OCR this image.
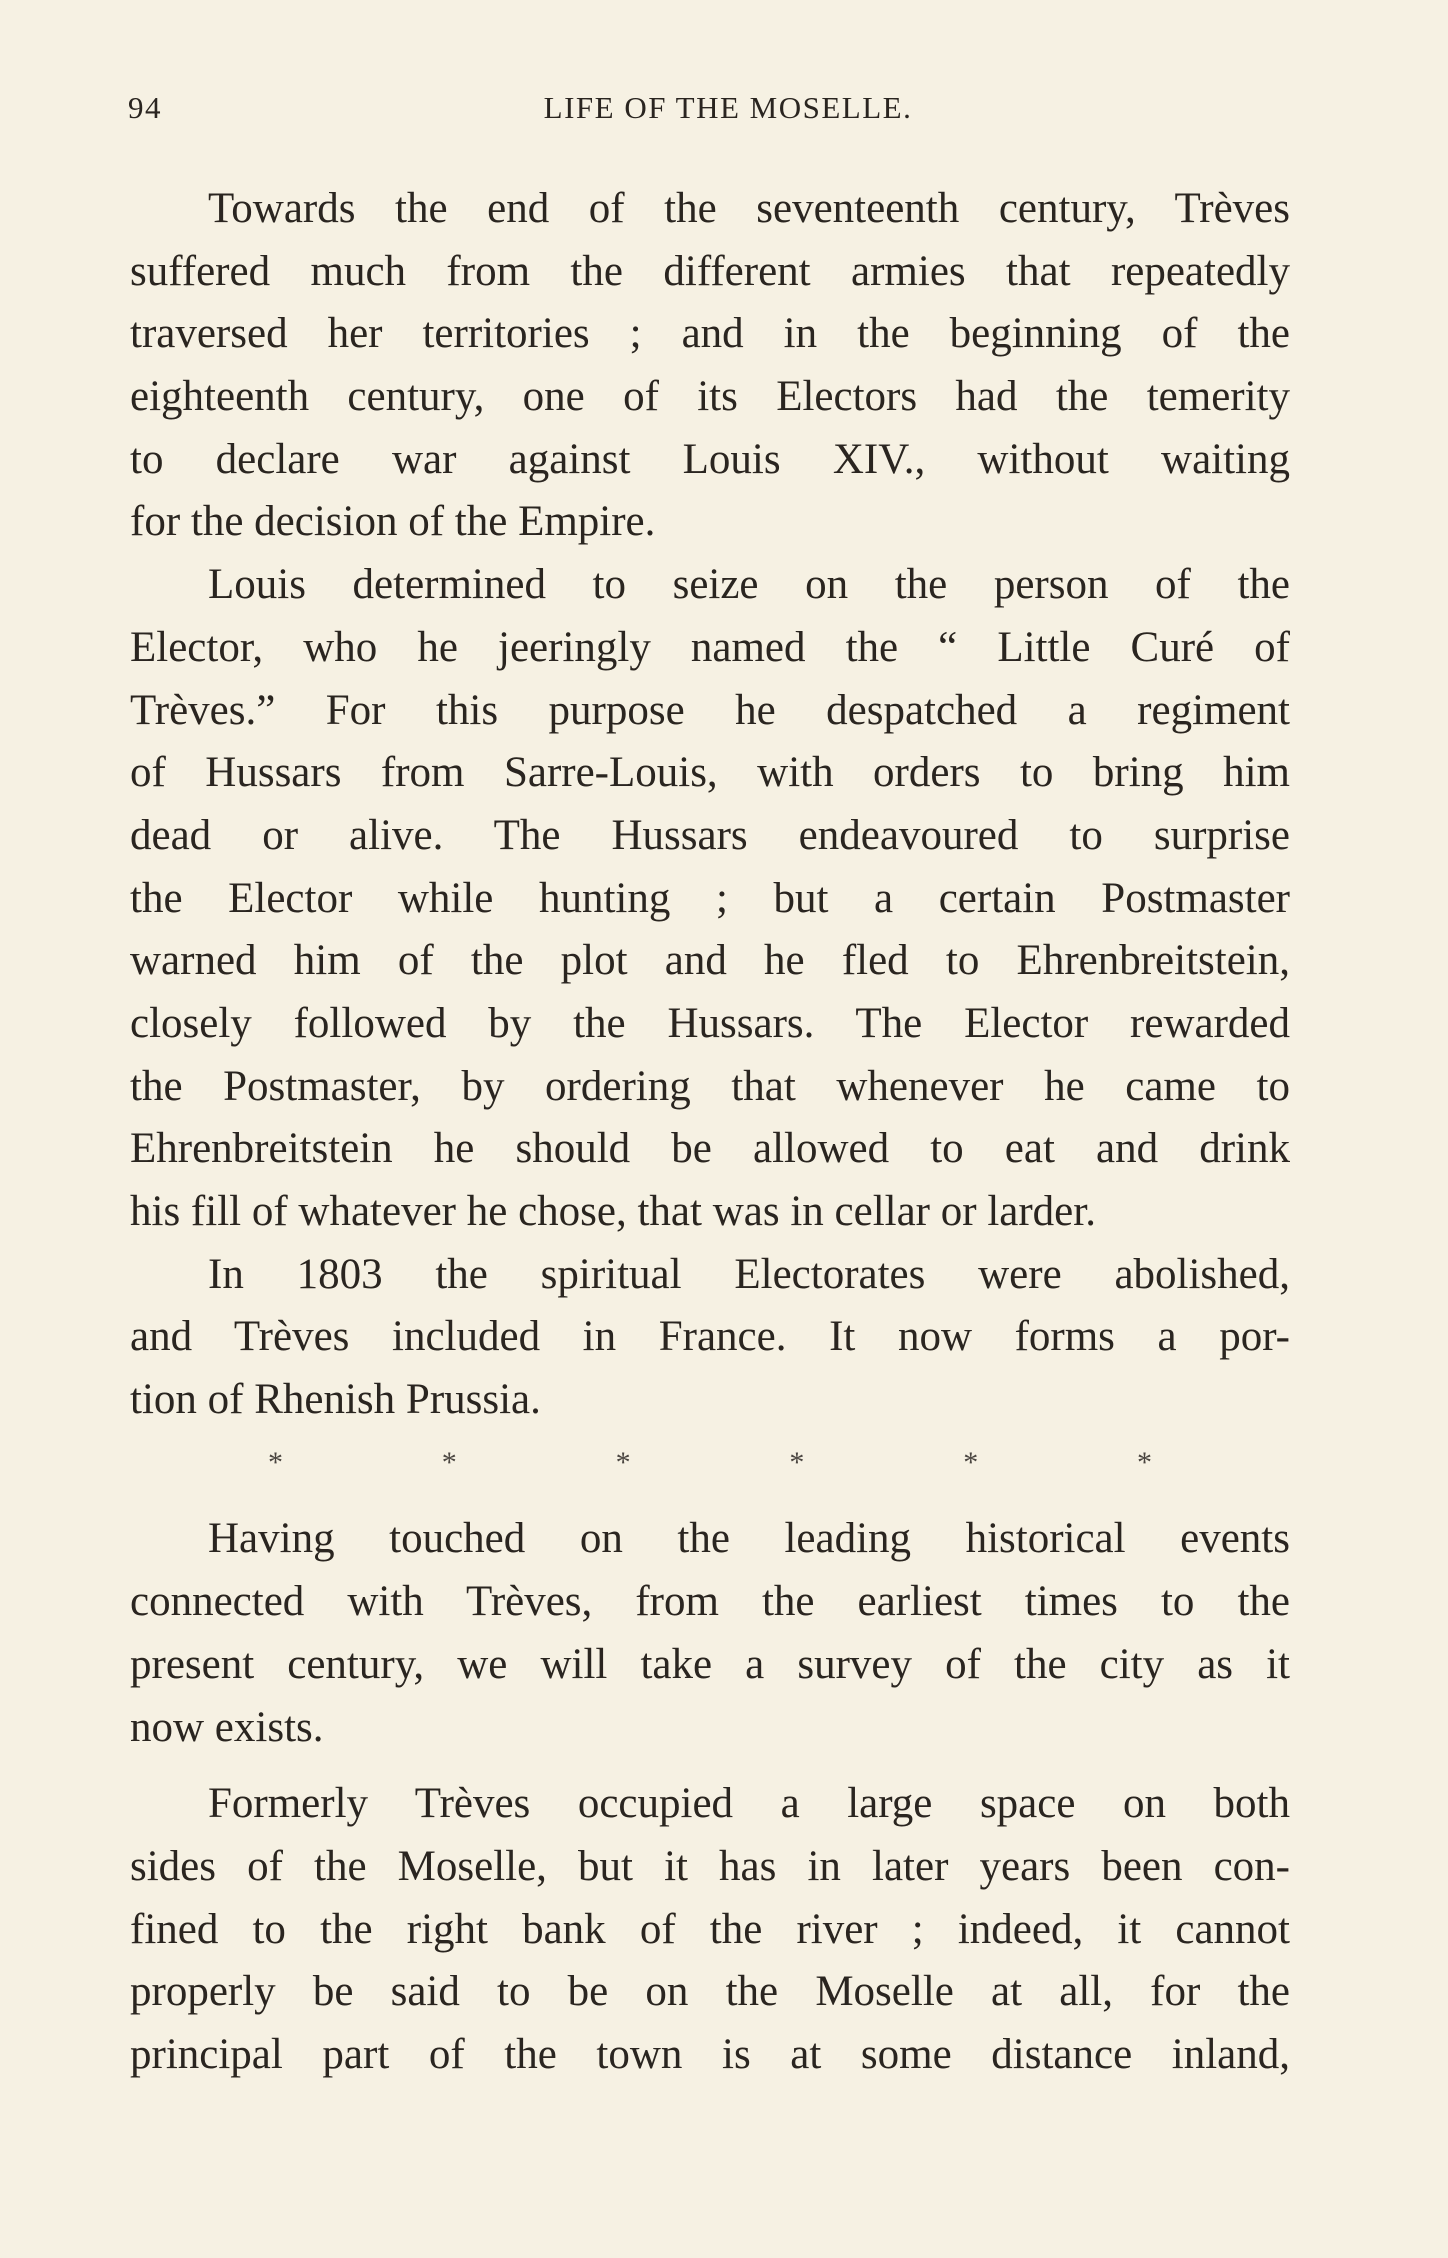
94	LIFE OF THE MOSELLE.
Towards the end of the seventeenth century, Trèves
suffered much from the different armies that repeatedly
traversed her territories ; and in the beginning of the
eighteenth century, one of its Electors had the temerity
to declare war against Louis XIV., without waiting
for the decision of the Empire.
Louis determined to seize on the person of the
Elector, who he jeeringly named the “ Little Curé of
Trèves.” For this purpose he despatched a regiment
of Hussars from Sarre-Louis, with orders to bring him
dead or alive. The Hussars endeavoured to surprise
the Elector while hunting ; but a certain Postmaster
warned him of the plot and he fled to Ehrenbreitstein,
closely followed by the Hussars. The Elector rewarded
the Postmaster, by ordering that whenever he came to
Ehrenbreitstein he should be allowed to eat and drink
his fill of whatever he chose, that was in cellar or larder.
In 1803 the spiritual Electorates were abolished,
and Trèves included in France. It now forms a por-
tion of Rhenish Prussia.
*	*	*	*	*	*
Having touched on the leading historical events
connected with Trèves, from the earliest times to the
present century, we will take a survey of the city as it
now exists.
Formerly Trèves occupied a large space on both
sides of the Moselle, but it has in later years been con-
fined to the right bank of the river ; indeed, it cannot
properly be said to be on the Moselle at all, for the
principal part of the town is at some distance inland,
